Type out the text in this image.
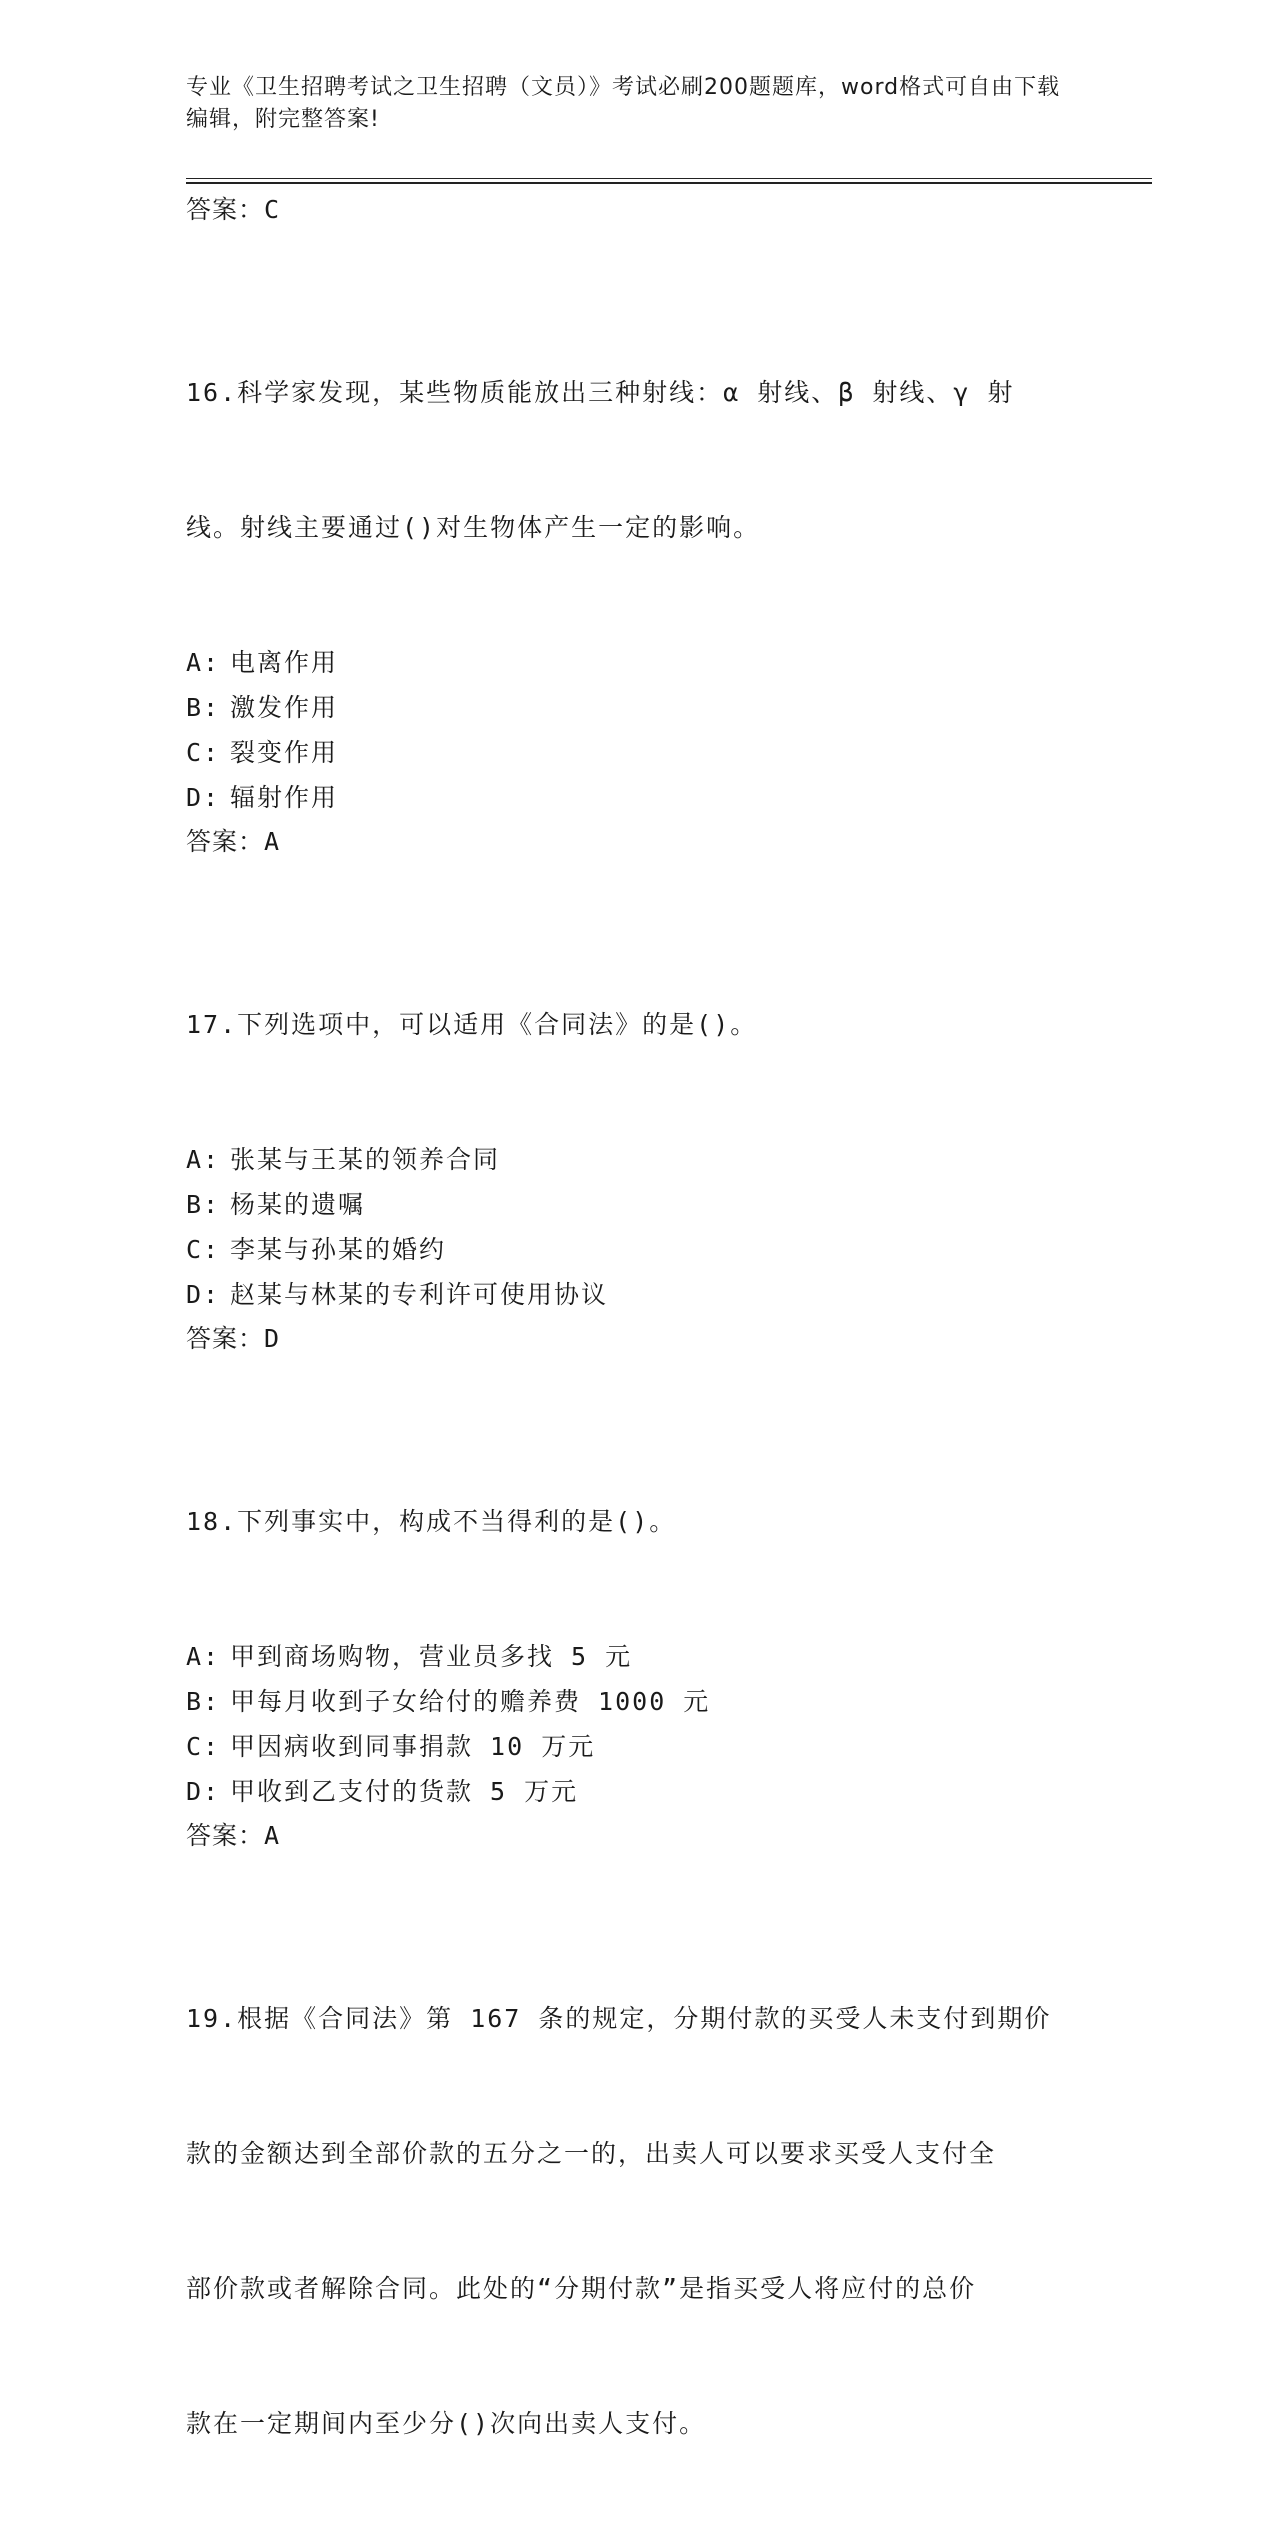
专业《卫生招聘考试之卫生招聘（文员）》考试必刷200题题库，word格式可自由下载编辑，附完整答案!
答案：C

16.科学家发现，某些物质能放出三种射线：α 射线、β 射线、γ 射

线。射线主要通过()对生物体产生一定的影响。

A: 电离作用
B: 激发作用
C: 裂变作用
D: 辐射作用
答案：A

17.下列选项中，可以适用《合同法》的是()。

A: 张某与王某的领养合同
B: 杨某的遗嘱
C: 李某与孙某的婚约
D: 赵某与林某的专利许可使用协议
答案：D

18.下列事实中，构成不当得利的是()。

A: 甲到商场购物，营业员多找 5 元
B: 甲每月收到子女给付的赡养费 1000 元
C: 甲因病收到同事捐款 10 万元
D: 甲收到乙支付的货款 5 万元
答案：A

19.根据《合同法》第 167 条的规定，分期付款的买受人未支付到期价

款的金额达到全部价款的五分之一的，出卖人可以要求买受人支付全

部价款或者解除合同。此处的“分期付款”是指买受人将应付的总价

款在一定期间内至少分()次向出卖人支付。
